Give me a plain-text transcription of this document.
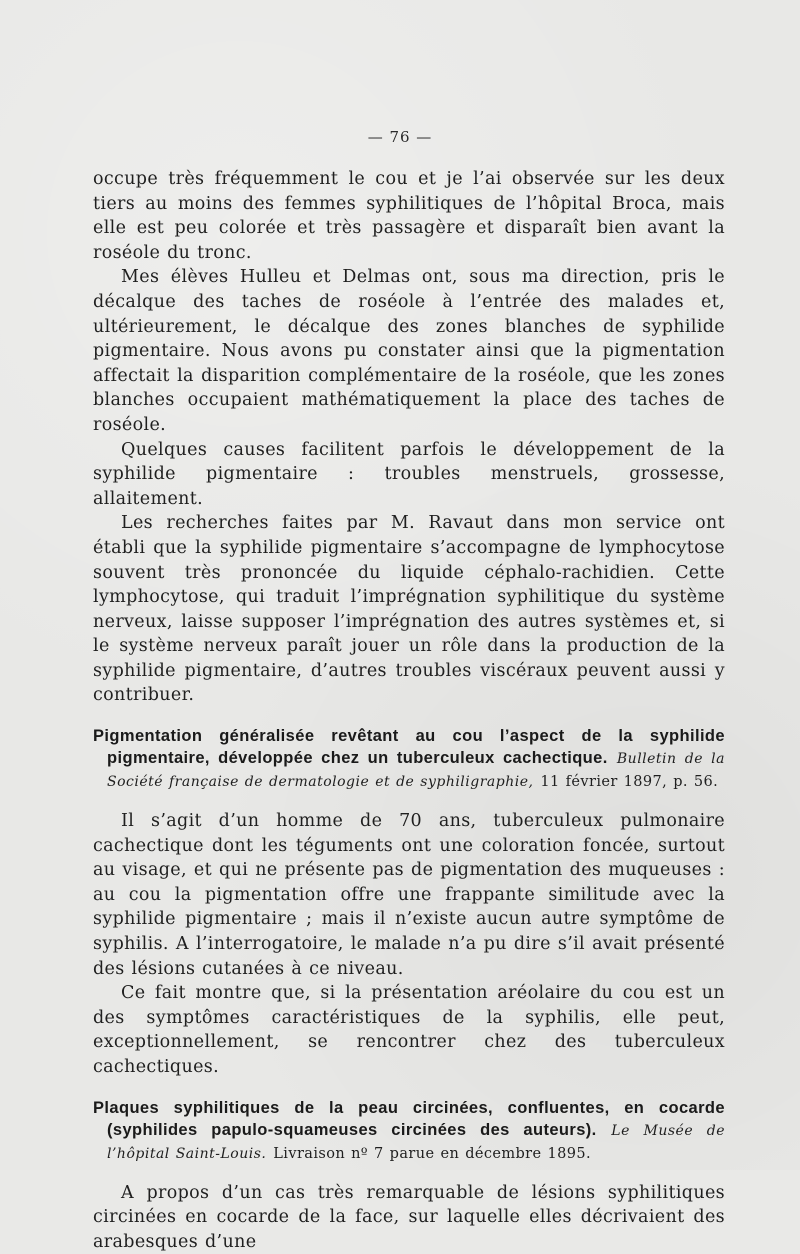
— 76 —

occupe très fréquemment le cou et je l’ai observée sur les deux tiers au moins des femmes syphilitiques de l’hôpital Broca, mais elle est peu colorée et très passagère et disparaît bien avant la roséole du tronc.

Mes élèves Hulleu et Delmas ont, sous ma direction, pris le décalque des taches de roséole à l’entrée des malades et, ultérieurement, le décalque des zones blanches de syphilide pigmentaire. Nous avons pu constater ainsi que la pigmentation affectait la disparition complémentaire de la roséole, que les zones blanches occupaient mathématiquement la place des taches de roséole.

Quelques causes facilitent parfois le développement de la syphilide pigmentaire : troubles menstruels, grossesse, allaitement.

Les recherches faites par M. Ravaut dans mon service ont établi que la syphilide pigmentaire s’accompagne de lymphocytose souvent très prononcée du liquide céphalo-rachidien. Cette lymphocytose, qui traduit l’imprégnation syphilitique du système nerveux, laisse supposer l’imprégnation des autres systèmes et, si le système nerveux paraît jouer un rôle dans la production de la syphilide pigmentaire, d’autres troubles viscéraux peuvent aussi y contribuer.

Pigmentation généralisée revêtant au cou l’aspect de la syphilide pigmentaire, développée chez un tuberculeux cachectique. Bulletin de la Société française de dermatologie et de syphiligraphie, 11 février 1897, p. 56.

Il s’agit d’un homme de 70 ans, tuberculeux pulmonaire cachectique dont les téguments ont une coloration foncée, surtout au visage, et qui ne présente pas de pigmentation des muqueuses : au cou la pigmentation offre une frappante similitude avec la syphilide pigmentaire ; mais il n’existe aucun autre symptôme de syphilis. A l’interrogatoire, le malade n’a pu dire s’il avait présenté des lésions cutanées à ce niveau.

Ce fait montre que, si la présentation aréolaire du cou est un des symptômes caractéristiques de la syphilis, elle peut, exceptionnellement, se rencontrer chez des tuberculeux cachectiques.

Plaques syphilitiques de la peau circinées, confluentes, en cocarde (syphilides papulo-squameuses circinées des auteurs). Le Musée de l’hôpital Saint-Louis. Livraison nº 7 parue en décembre 1895.

A propos d’un cas très remarquable de lésions syphilitiques circinées en cocarde de la face, sur laquelle elles décrivaient des arabesques d’une
